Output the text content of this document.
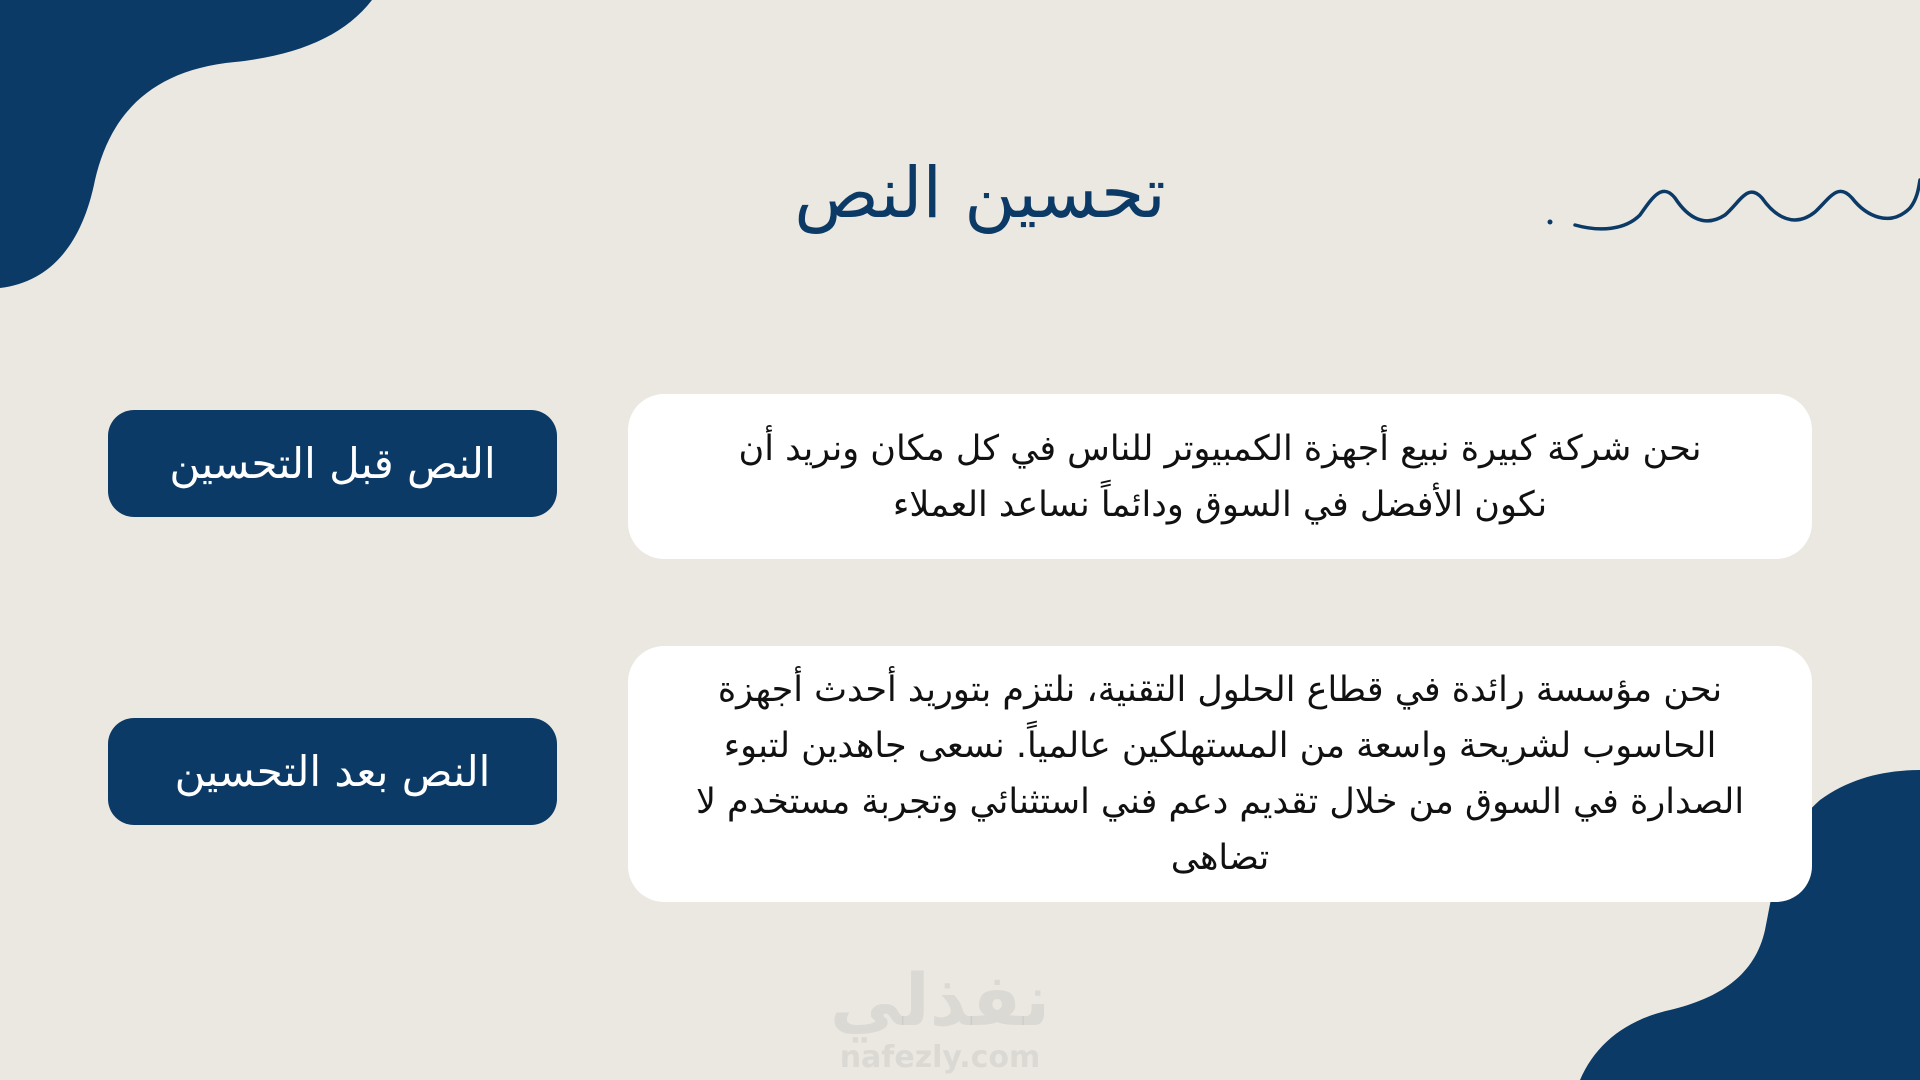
تحسين النص
النص قبل التحسين	نحن شركة كبيرة نبيع أجهزة الكمبيوتر للناس في كل مكان ونريد أن نكون الأفضل في السوق ودائماً نساعد العملاء
النص بعد التحسين
نحن مؤسسة رائدة في قطاع الحلول التقنية، نلتزم بتوريد أحدث أجهزة الحاسوب لشريحة واسعة من المستهلكين عالمياً. نسعى جاهدين لتبوء الصدارة في السوق من خلال تقديم دعم فني استثنائي وتجربة مستخدم لا تضاهى
نفذلي
nafezly.com
